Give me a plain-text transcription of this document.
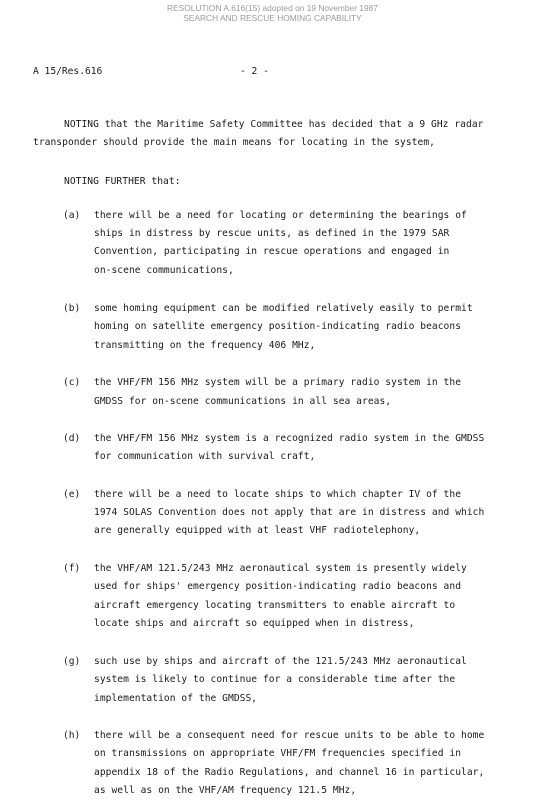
RESOLUTION A.616(15) adopted on 19 November 1987
SEARCH AND RESCUE HOMING CAPABILITY
A 15/Res.616	- 2 -
NOTING that the Maritime Safety Committee has decided that a 9 GHz radar
transponder should provide the main means for locating in the system,
NOTING FURTHER that:
(a) there will be a need for locating or determining the bearings of
ships in distress by rescue units, as defined in the 1979 SAR
Convention, participating in rescue operations and engaged in
on-scene communications,
(b) some homing equipment can be modified relatively easily to permit
homing on satellite emergency position-indicating radio beacons
transmitting on the frequency 406 MHz,
(c) the VHF/FM 156 MHz system will be a primary radio system in the
GMDSS for on-scene communications in all sea areas,
(d) the VHF/FM 156 MHz system is a recognized radio system in the GMDSS
for communication with survival craft,
(e) there will be a need to locate ships to which chapter IV of the
1974 SOLAS Convention does not apply that are in distress and which
are generally equipped with at least VHF radiotelephony,
(f) the VHF/AM 121.5/243 MHz aeronautical system is presently widely
used for ships' emergency position-indicating radio beacons and
aircraft emergency locating transmitters to enable aircraft to
locate ships and aircraft so equipped when in distress,
(g) such use by ships and aircraft of the 121.5/243 MHz aeronautical
system is likely to continue for a considerable time after the
implementation of the GMDSS,
(h) there will be a consequent need for rescue units to be able to home
on transmissions on appropriate VHF/FM frequencies specified in
appendix 18 of the Radio Regulations, and channel 16 in particular,
as well as on the VHF/AM frequency 121.5 MHz,
